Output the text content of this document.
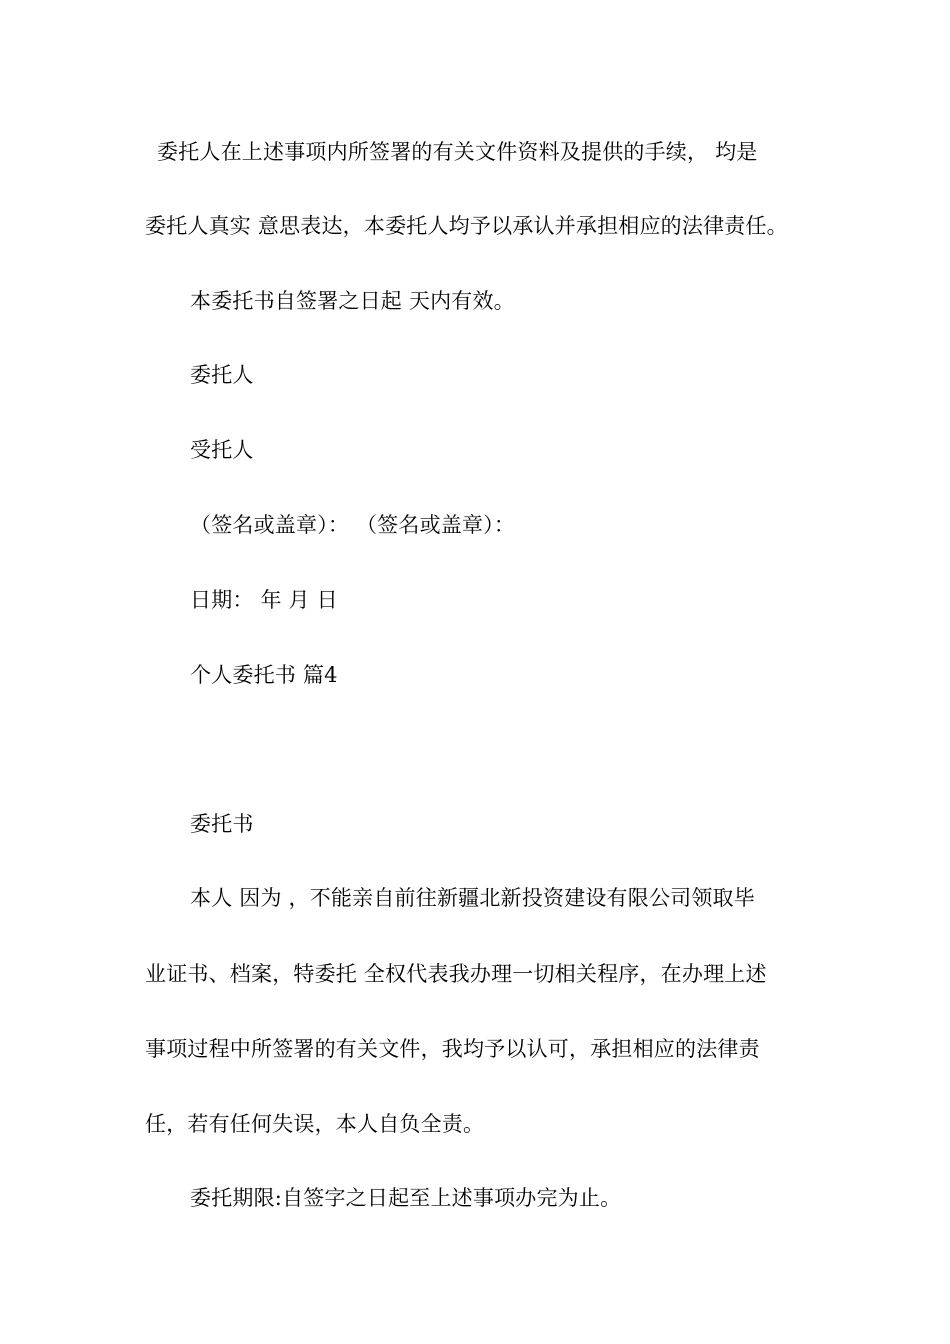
委托人在上述事项内所签署的有关文件资料及提供的手续， 均是
委托人真实 意思表达，本委托人均予以承认并承担相应的法律责任。
本委托书自签署之日起 天内有效。
委托人
受托人
（签名或盖章）： （签名或盖章）：
日期： 年 月 日
个人委托书 篇4
委托书
本人 因为 ，不能亲自前往新疆北新投资建设有限公司领取毕
业证书、档案，特委托 全权代表我办理一切相关程序，在办理上述
事项过程中所签署的有关文件，我均予以认可，承担相应的法律责
任，若有任何失误，本人自负全责。
委托期限:自签字之日起至上述事项办完为止。
